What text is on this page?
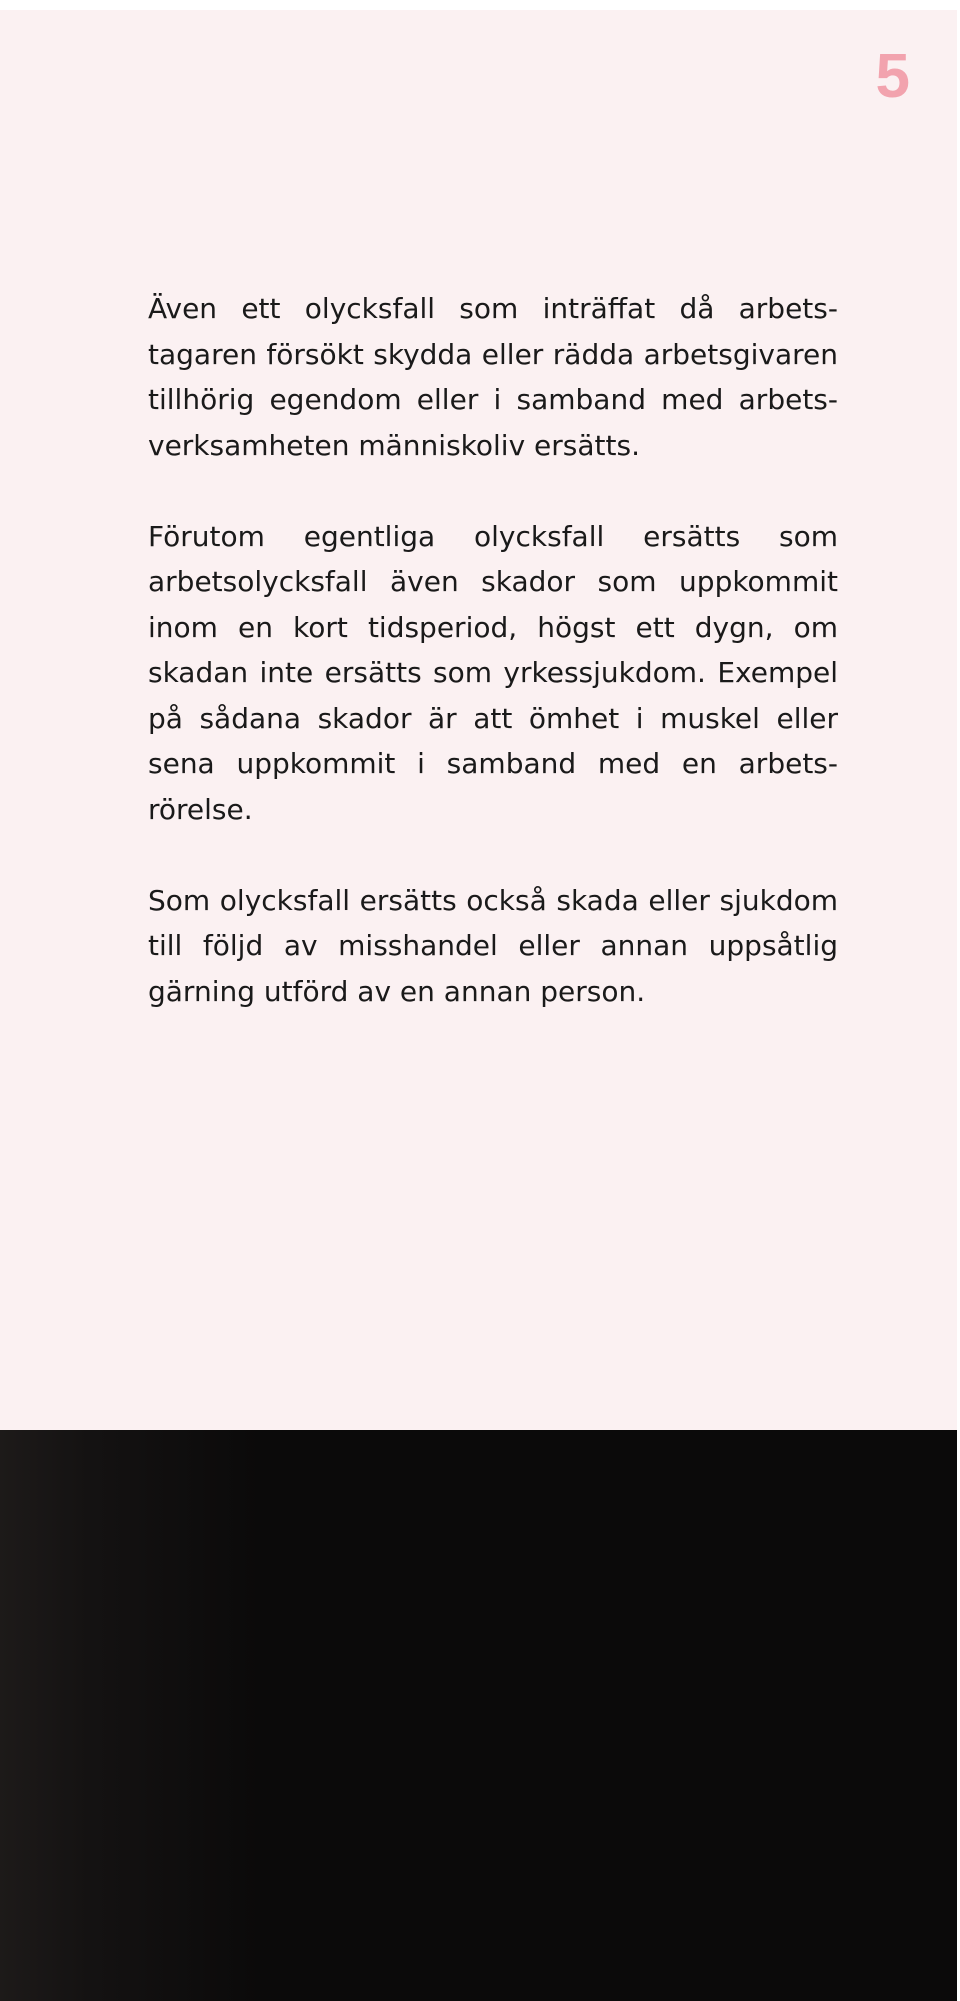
5

Även ett olycksfall som inträffat då arbetstagaren försökt skydda eller rädda arbetsgivaren tillhörig egendom eller i samband med arbetsverksamheten människoliv ersätts.

Förutom egentliga olycksfall ersätts som arbetsolycksfall även skador som uppkommit inom en kort tidsperiod, högst ett dygn, om skadan inte ersätts som yrkessjukdom. Exempel på sådana skador är att ömhet i muskel eller sena uppkommit i samband med en arbetsrörelse.

Som olycksfall ersätts också skada eller sjukdom till följd av misshandel eller annan uppsåtlig gärning utförd av en annan person.
